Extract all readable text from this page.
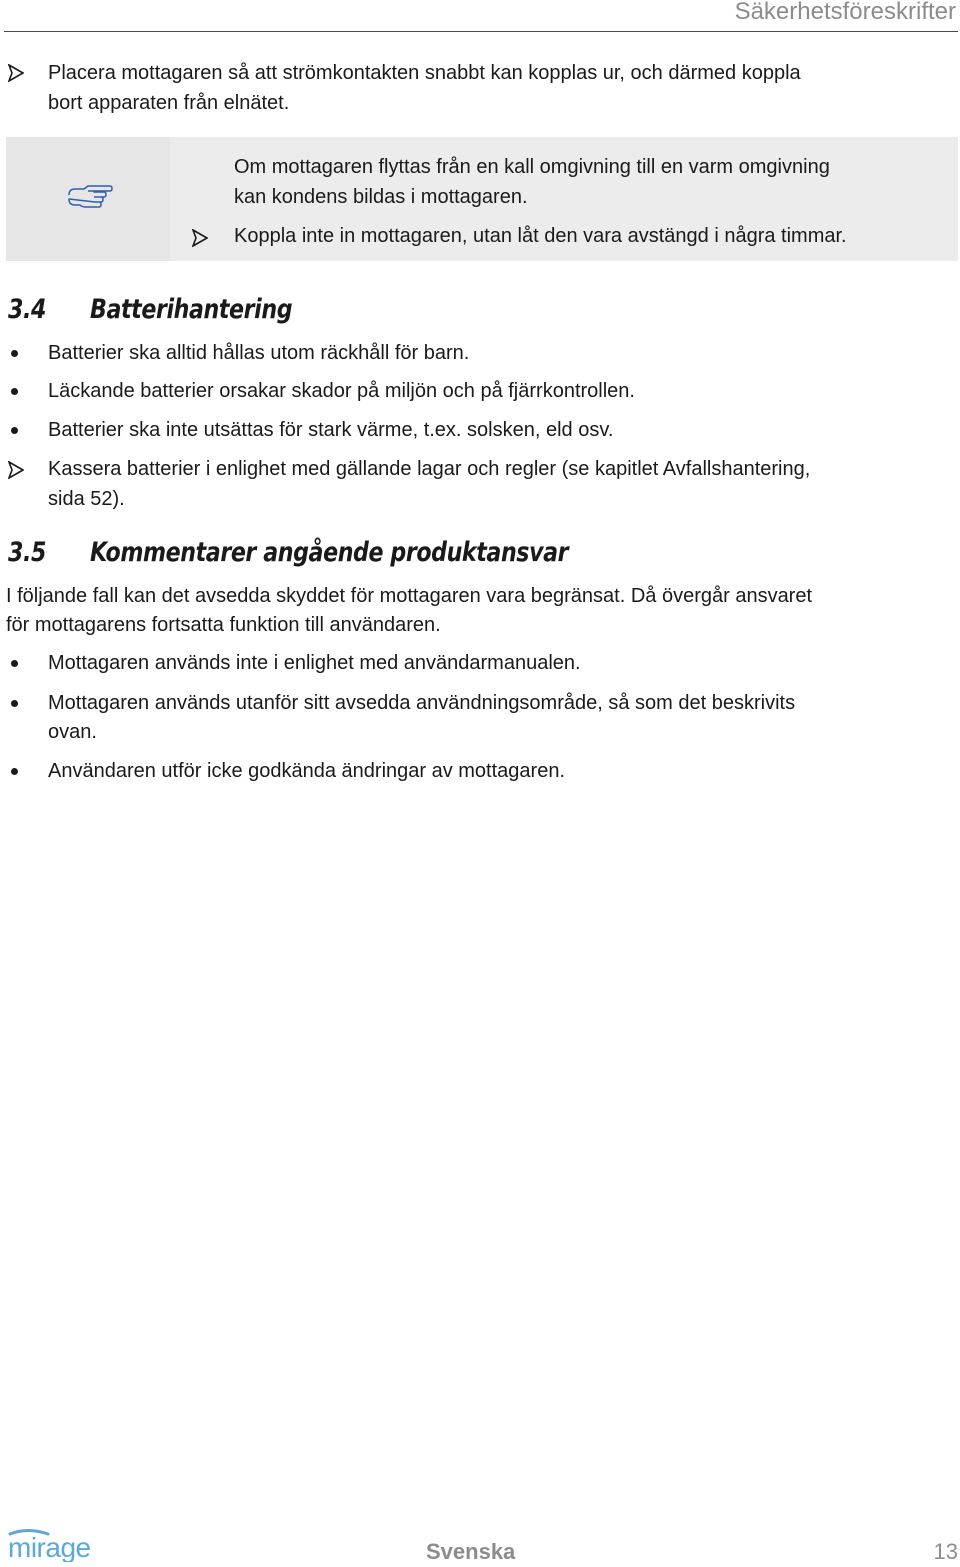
Säkerhetsföreskrifter
Placera mottagaren så att strömkontakten snabbt kan kopplas ur, och därmed koppla
bort apparaten från elnätet.
Om mottagaren flyttas från en kall omgivning till en varm omgivning
kan kondens bildas i mottagaren.
Koppla inte in mottagaren, utan låt den vara avstängd i några timmar.
3.4 Batterihantering
Batterier ska alltid hållas utom räckhåll för barn.
Läckande batterier orsakar skador på miljön och på fjärrkontrollen.
Batterier ska inte utsättas för stark värme, t.ex. solsken, eld osv.
Kassera batterier i enlighet med gällande lagar och regler (se kapitlet Avfallshantering,
sida 52).
3.5 Kommentarer angående produktansvar
I följande fall kan det avsedda skyddet för mottagaren vara begränsat. Då övergår ansvaret
för mottagarens fortsatta funktion till användaren.
Mottagaren används inte i enlighet med användarmanualen.
Mottagaren används utanför sitt avsedda användningsområde, så som det beskrivits
ovan.
Användaren utför icke godkända ändringar av mottagaren.
mirage	Svenska	13
